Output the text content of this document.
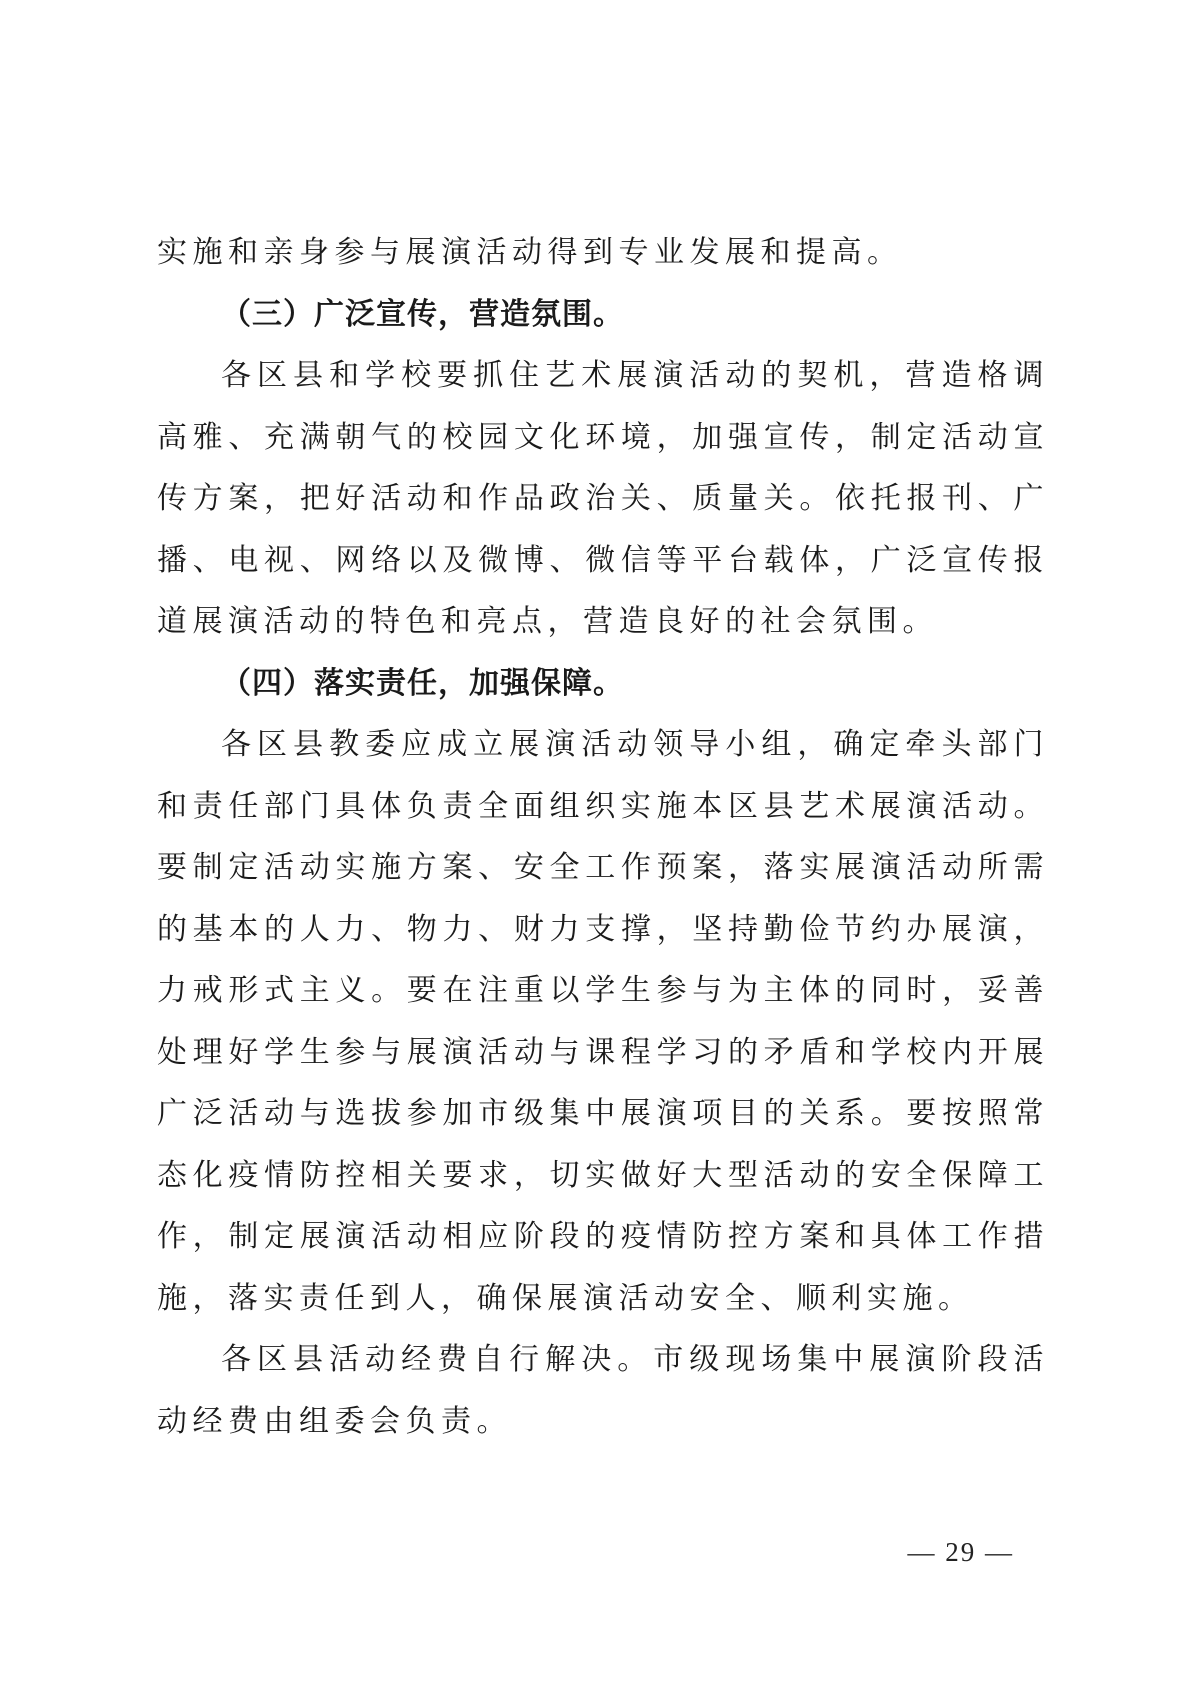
实施和亲身参与展演活动得到专业发展和提高。

（三）广泛宣传，营造氛围。

各区县和学校要抓住艺术展演活动的契机，营造格调高雅、充满朝气的校园文化环境，加强宣传，制定活动宣传方案，把好活动和作品政治关、质量关。依托报刊、广播、电视、网络以及微博、微信等平台载体，广泛宣传报道展演活动的特色和亮点，营造良好的社会氛围。

（四）落实责任，加强保障。

各区县教委应成立展演活动领导小组，确定牵头部门和责任部门具体负责全面组织实施本区县艺术展演活动。要制定活动实施方案、安全工作预案，落实展演活动所需的基本的人力、物力、财力支撑，坚持勤俭节约办展演，力戒形式主义。要在注重以学生参与为主体的同时，妥善处理好学生参与展演活动与课程学习的矛盾和学校内开展广泛活动与选拔参加市级集中展演项目的关系。要按照常态化疫情防控相关要求，切实做好大型活动的安全保障工作，制定展演活动相应阶段的疫情防控方案和具体工作措施，落实责任到人，确保展演活动安全、顺利实施。

各区县活动经费自行解决。市级现场集中展演阶段活动经费由组委会负责。

— 29 —
